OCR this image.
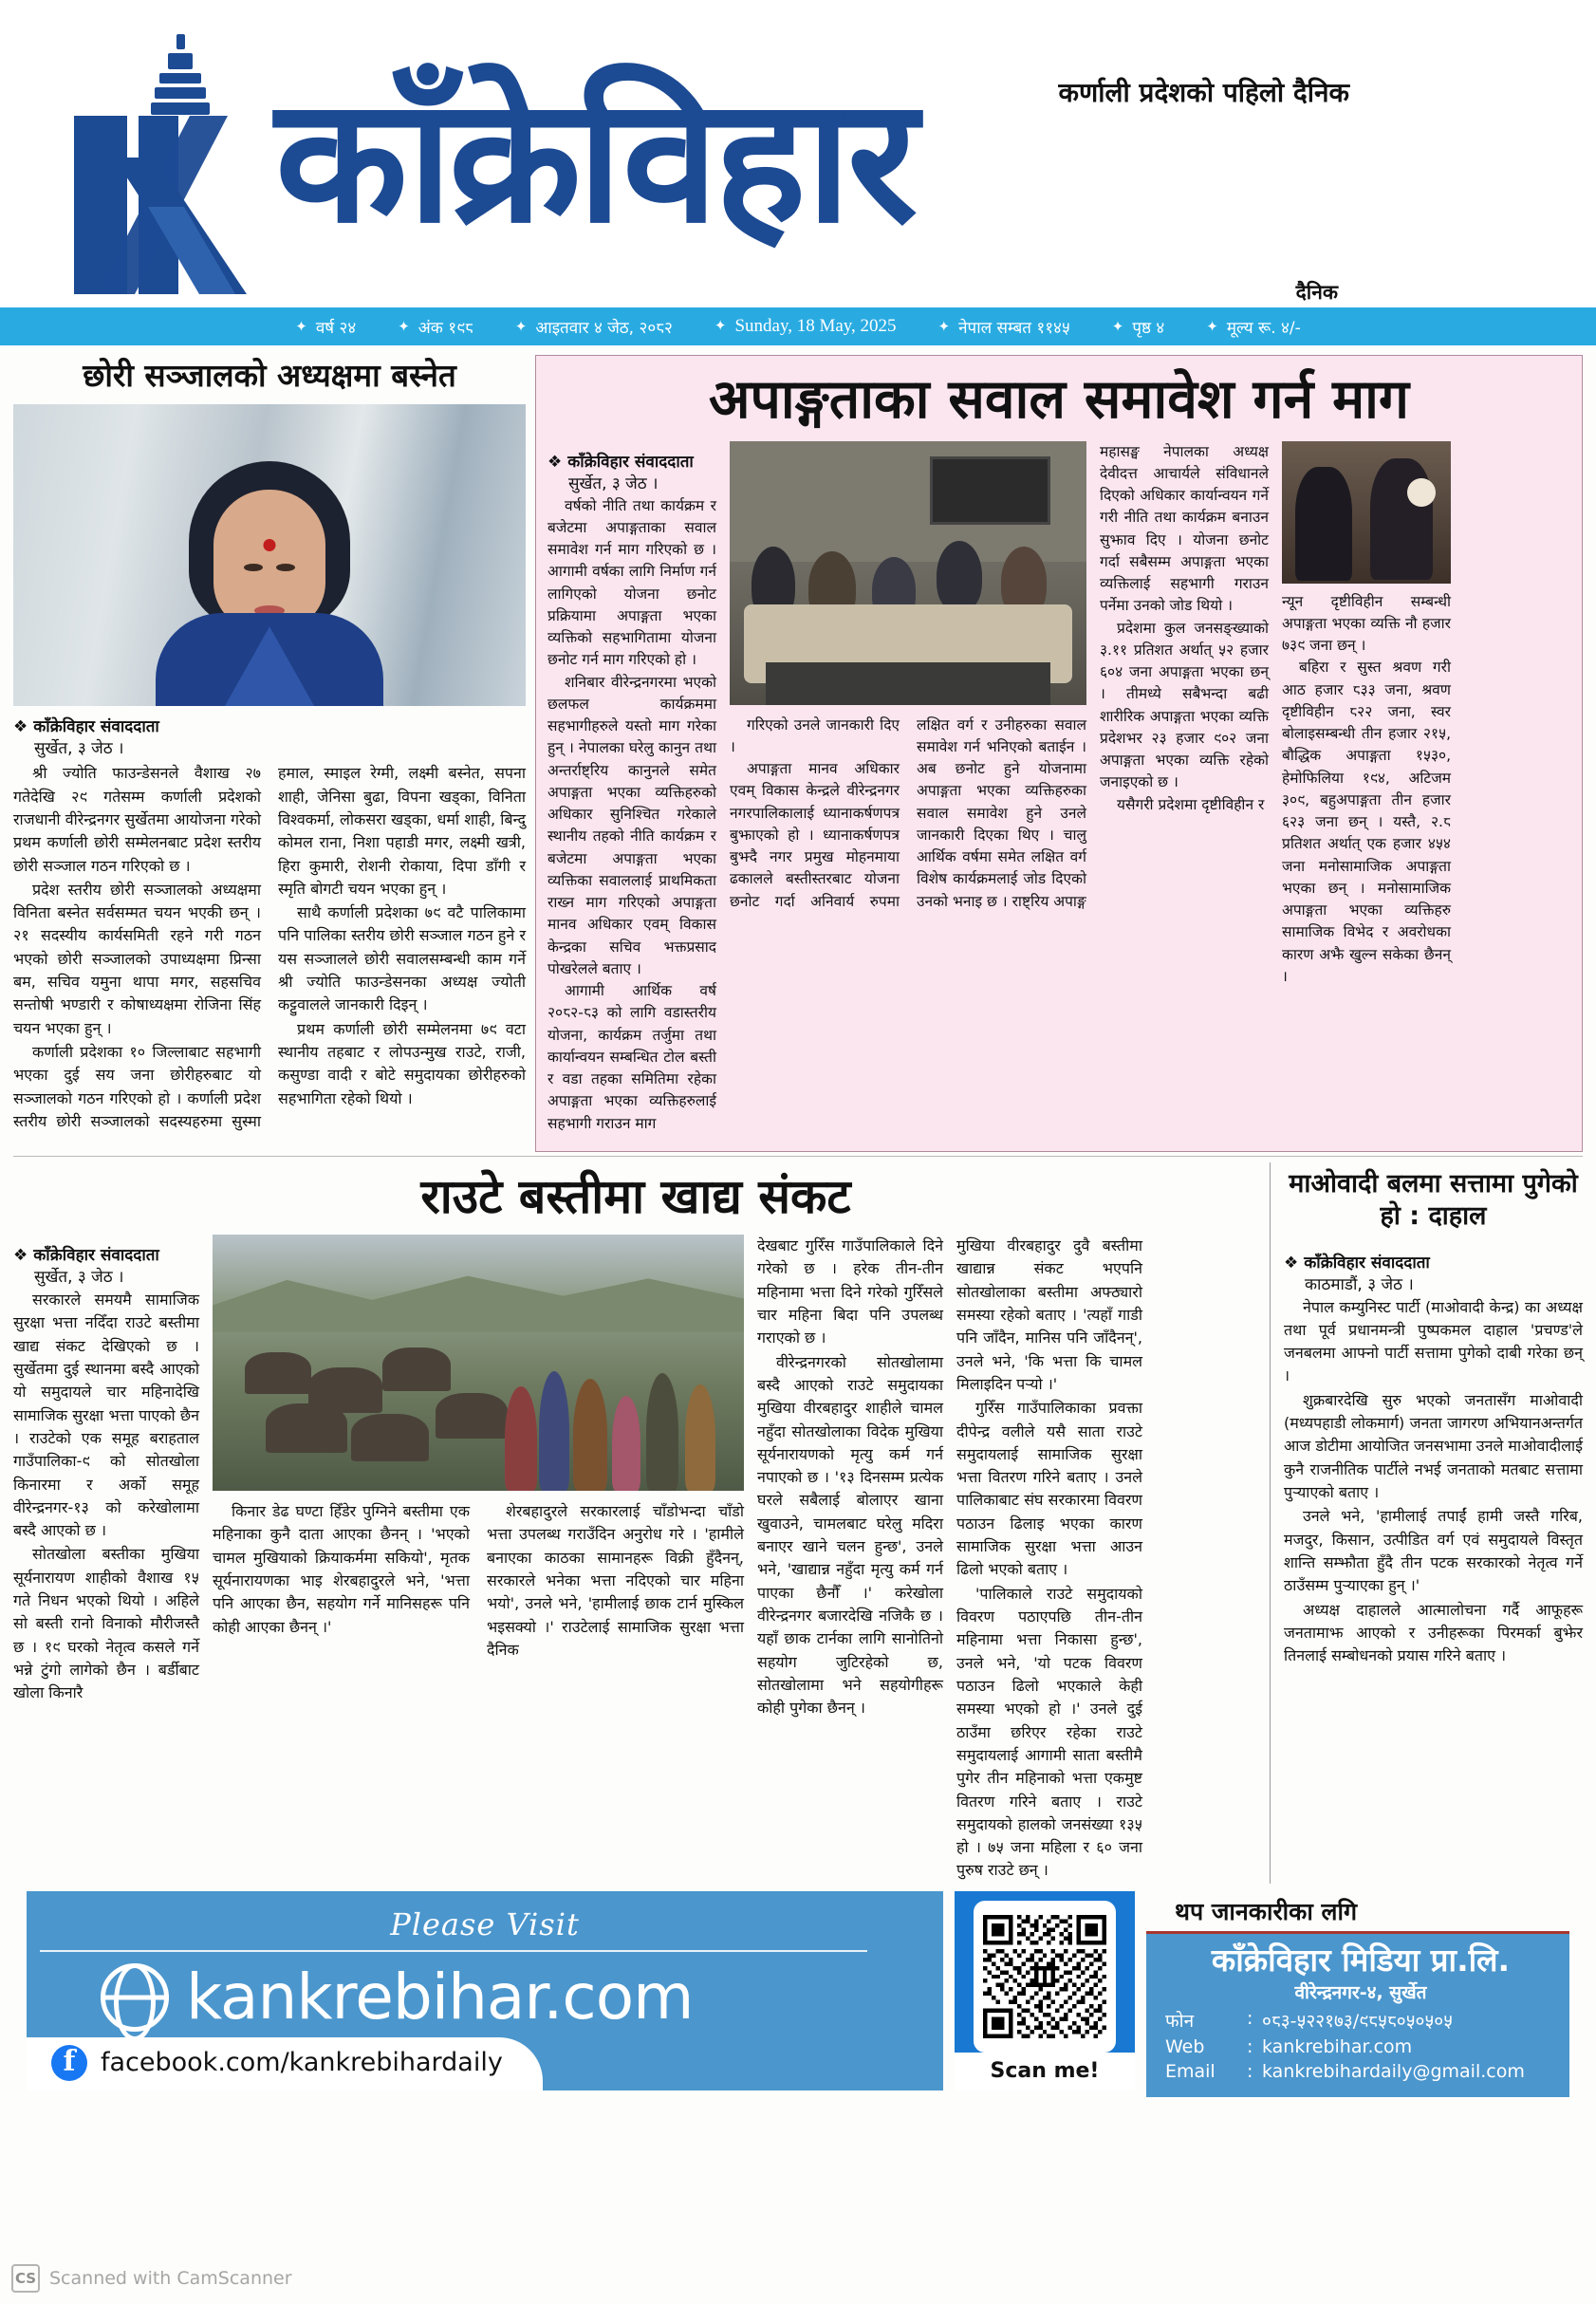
कर्णाली प्रदेशको पहिलो दैनिक
काँक्रेविहार
दैनिक
✦ वर्ष २४	✦ अंक १९८	✦ आइतवार ४ जेठ, २०८२	✦ Sunday, 18 May, 2025	✦ नेपाल सम्बत ११४५	✦ पृष्ठ ४	✦ मूल्य रू. ४/-
छोरी सञ्जालको अध्यक्षमा बस्नेत
❖ काँक्रेविहार संवाददाता
सुर्खेत, ३ जेठ ।

श्री ज्योति फाउन्डेसनले वैशाख २७ गतेदेखि २९ गतेसम्म कर्णाली प्रदेशको राजधानी वीरेन्द्रनगर सुर्खेतमा आयोजना गरेको प्रथम कर्णाली छोरी सम्मेलनबाट प्रदेश स्तरीय छोरी सञ्जाल गठन गरिएको छ ।

प्रदेश स्तरीय छोरी सञ्जालको अध्यक्षमा विनिता बस्नेत सर्वसम्मत चयन भएकी छन् । २१ सदस्यीय कार्यसमिती रहने गरी गठन भएको छोरी सञ्जालको उपाध्यक्षमा प्रिन्सा बम, सचिव यमुना थापा मगर, सहसचिव सन्तोषी भण्डारी र कोषाध्यक्षमा रोजिना सिंह चयन भएका हुन् ।

कर्णाली प्रदेशका १० जिल्लाबाट सहभागी भएका दुई सय जना छोरीहरुबाट यो सञ्जालको गठन गरिएको हो । कर्णाली प्रदेश स्तरीय छोरी सञ्जालको सदस्यहरुमा सुस्मा हमाल, स्माइल रेग्मी, लक्ष्मी बस्नेत, सपना शाही, जेनिसा बुढा, विपना खड्का, विनिता विश्वकर्मा, लोकसरा खड्का, धर्मा शाही, बिन्दु कोमल राना, निशा पहाडी मगर, लक्ष्मी खत्री, हिरा कुमारी, रोशनी रोकाया, दिपा डाँगी र स्मृति बोगटी चयन भएका हुन् ।

साथै कर्णाली प्रदेशका ७९ वटै पालिकामा पनि पालिका स्तरीय छोरी सञ्जाल गठन हुने र यस सञ्जालले छोरी सवालसम्बन्धी काम गर्ने श्री ज्योति फाउन्डेसनका अध्यक्ष ज्योती कट्टुवालले जानकारी दिइन् ।

प्रथम कर्णाली छोरी सम्मेलनमा ७९ वटा स्थानीय तहबाट र लोपउन्मुख राउटे, राजी, कसुण्डा वादी र बोटे समुदायका छोरीहरुको सहभागिता रहेको थियो ।

अपाङ्गताका सवाल समावेश गर्न माग
❖ काँक्रेविहार संवाददाता
सुर्खेत, ३ जेठ ।

वर्षको नीति तथा कार्यक्रम र बजेटमा अपाङ्गताका सवाल समावेश गर्न माग गरिएको छ । आगामी वर्षका लागि निर्माण गर्न लागिएको योजना छनोट प्रक्रियामा अपाङ्गता भएका व्यक्तिको सहभागितामा योजना छनोट गर्न माग गरिएको हो ।

शनिबार वीरेन्द्रनगरमा भएको छलफल कार्यक्रममा सहभागीहरुले यस्तो माग गरेका हुन् । नेपालका घरेलु कानुन तथा अन्तर्राष्ट्रिय कानुनले समेत अपाङ्गता भएका व्यक्तिहरुको अधिकार सुनिश्चित गरेकाले स्थानीय तहको नीति कार्यक्रम र बजेटमा अपाङ्गता भएका व्यक्तिका सवाललाई प्राथमिकता राख्न माग गरिएको अपाङ्गता मानव अधिकार एवम् विकास केन्द्रका सचिव भक्तप्रसाद पोखरेलले बताए ।

आगामी आर्थिक वर्ष २०८२-८३ को लागि वडास्तरीय योजना, कार्यक्रम तर्जुमा तथा कार्यान्वयन सम्बन्धित टोल बस्ती र वडा तहका समितिमा रहेका अपाङ्गता भएका व्यक्तिहरुलाई सहभागी गराउन माग

गरिएको उनले जानकारी दिए ।

अपाङ्गता मानव अधिकार एवम् विकास केन्द्रले वीरेन्द्रनगर नगरपालिकालाई ध्यानाकर्षणपत्र बुझाएको हो । ध्यानाकर्षणपत्र बुझ्दै नगर प्रमुख मोहनमाया ढकालले बस्तीस्तरबाट योजना छनोट गर्दा अनिवार्य रुपमा लक्षित वर्ग र उनीहरुका सवाल समावेश गर्न भनिएको बताईन । अब छनोट हुने योजनामा अपाङ्गता भएका व्यक्तिहरुका सवाल समावेश हुने उनले जानकारी दिएका थिए । चालु आर्थिक वर्षमा समेत लक्षित वर्ग विशेष कार्यक्रमलाई जोड दिएको उनको भनाइ छ । राष्ट्रिय अपाङ्ग

महासङ्घ नेपालका अध्यक्ष देवीदत्त आचार्यले संविधानले दिएको अधिकार कार्यान्वयन गर्ने गरी नीति तथा कार्यक्रम बनाउन सुझाव दिए । योजना छनोट गर्दा सबैसम्म अपाङ्गता भएका व्यक्तिलाई सहभागी गराउन पर्नेमा उनको जोड थियो ।

प्रदेशमा कुल जनसङ्ख्याको ३.११ प्रतिशत अर्थात् ५२ हजार ६०४ जना अपाङ्गता भएका छन् । तीमध्ये सबैभन्दा बढी शारीरिक अपाङ्गता भएका व्यक्ति प्रदेशभर २३ हजार ९०२ जना अपाङ्गता भएका व्यक्ति रहेको जनाइएको छ ।

यसैगरी प्रदेशमा दृष्टीविहीन र

न्यून दृष्टीविहीन सम्बन्धी अपाङ्गता भएका व्यक्ति नौ हजार ७३९ जना छन् ।

बहिरा र सुस्त श्रवण गरी आठ हजार ८३३ जना, श्रवण दृष्टीविहीन ८२२ जना, स्वर बोलाइसम्बन्धी तीन हजार २१५, बौद्धिक अपाङ्गता १५३०, हेमोफिलिया १९४, अटिजम ३०९, बहुअपाङ्गता तीन हजार ६२३ जना छन् । यस्तै, २.८ प्रतिशत अर्थात् एक हजार ४५४ जना मनोसामाजिक अपाङ्गता भएका छन् । मनोसामाजिक अपाङ्गता भएका व्यक्तिहरु सामाजिक विभेद र अवरोधका कारण अझै खुल्न सकेका छैनन् ।

राउटे बस्तीमा खाद्य संकट
❖ काँक्रेविहार संवाददाता
सुर्खेत, ३ जेठ ।

सरकारले समयमै सामाजिक सुरक्षा भत्ता नदिँदा राउटे बस्तीमा खाद्य संकट देखिएको छ । सुर्खेतमा दुई स्थानमा बस्दै आएको यो समुदायले चार महिनादेखि सामाजिक सुरक्षा भत्ता पाएको छैन । राउटेको एक समूह बराहताल गाउँपालिका-९ को सोतखोला किनारमा र अर्को समूह वीरेन्द्रनगर-१३ को करेखोलामा बस्दै आएको छ ।

सोतखोला बस्तीका मुखिया सूर्यनारायण शाहीको वैशाख १५ गते निधन भएको थियो । अहिले सो बस्ती रानो विनाको मौरीजस्तै छ । १९ घरको नेतृत्व कसले गर्ने भन्ने टुंगो लागेको छैन । बर्डीबाट खोला किनारै

किनार डेढ घण्टा हिँडेर पुग्निने बस्तीमा एक महिनाका कुनै दाता आएका छैनन् । 'भएको चामल मुखियाको क्रियाकर्ममा सकियो', मृतक सूर्यनारायणका भाइ शेरबहादुरले भने, 'भत्ता पनि आएका छैन, सहयोग गर्ने मानिसहरू पनि कोही आएका छैनन् ।'

शेरबहादुरले सरकारलाई चाँडोभन्दा चाँडो भत्ता उपलब्ध गराउँदिन अनुरोध गरे । 'हामीले बनाएका काठका सामानहरू विक्री हुँदैनन्, सरकारले भनेका भत्ता नदिएको चार महिना भयो', उनले भने, 'हामीलाई छाक टार्न मुस्किल भइसक्यो ।' राउटेलाई सामाजिक सुरक्षा भत्ता दैनिक

देखबाट गुरिँस गाउँपालिकाले दिने गरेको छ । हरेक तीन-तीन महिनामा भत्ता दिने गरेको गुरिँसले चार महिना बिदा पनि उपलब्ध गराएको छ ।

वीरेन्द्रनगरको सोतखोलामा बस्दै आएको राउटे समुदायका मुखिया वीरबहादुर शाहीले चामल नहुँदा सोतखोलाका विदेक मुखिया सूर्यनारायणको मृत्यु कर्म गर्न नपाएको छ । '१३ दिनसम्म प्रत्येक घरले सबैलाई बोलाएर खाना खुवाउने, चामलबाट घरेलु मदिरा बनाएर खाने चलन हुन्छ', उनले भने, 'खाद्यान्न नहुँदा मृत्यु कर्म गर्न पाएका छैनौँ ।' करेखोला वीरेन्द्रनगर बजारदेखि नजिकै छ । यहाँ छाक टार्नका लागि सानोतिनो सहयोग जुटिरहेको छ, सोतखोलामा भने सहयोगीहरू कोही पुगेका छैनन् ।

मुखिया वीरबहादुर दुवै बस्तीमा खाद्यान्न संकट भएपनि सोतखोलाका बस्तीमा अफ्ठ्यारो समस्या रहेको बताए । 'त्यहाँ गाडी पनि जाँदैन, मानिस पनि जाँदैनन्', उनले भने, 'कि भत्ता कि चामल मिलाइदिन पऱ्यो ।'

गुरिँस गाउँपालिकाका प्रवक्ता दीपेन्द्र वलीले यसै साता राउटे समुदायलाई सामाजिक सुरक्षा भत्ता वितरण गरिने बताए । उनले पालिकाबाट संघ सरकारमा विवरण पठाउन ढिलाइ भएका कारण सामाजिक सुरक्षा भत्ता आउन ढिलो भएको बताए ।

'पालिकाले राउटे समुदायको विवरण पठाएपछि तीन-तीन महिनामा भत्ता निकासा हुन्छ', उनले भने, 'यो पटक विवरण पठाउन ढिलो भएकाले केही समस्या भएको हो ।' उनले दुई ठाउँमा छरिएर रहेका राउटे समुदायलाई आगामी साता बस्तीमै पुगेर तीन महिनाको भत्ता एकमुष्ट वितरण गरिने बताए । राउटे समुदायको हालको जनसंख्या १३५ हो । ७५ जना महिला र ६० जना पुरुष राउटे छन् ।

माओवादी बलमा सत्तामा पुगेको हो : दाहाल
❖ काँक्रेविहार संवाददाता
काठमाडौं, ३ जेठ ।

नेपाल कम्युनिस्ट पार्टी (माओवादी केन्द्र) का अध्यक्ष तथा पूर्व प्रधानमन्त्री पुष्पकमल दाहाल 'प्रचण्ड'ले जनबलमा आफ्नो पार्टी सत्तामा पुगेको दाबी गरेका छन् ।

शुक्रबारदेखि सुरु भएको जनतासँग माओवादी (मध्यपहाडी लोकमार्ग) जनता जागरण अभियानअन्तर्गत आज डोटीमा आयोजित जनसभामा उनले माओवादीलाई कुनै राजनीतिक पार्टीले नभई जनताको मतबाट सत्तामा पुऱ्याएको बताए ।

उनले भने, 'हामीलाई तपाईं हामी जस्तै गरिब, मजदुर, किसान, उत्पीडित वर्ग एवं समुदायले विस्तृत शान्ति सम्झौता हुँदै तीन पटक सरकारको नेतृत्व गर्ने ठाउँसम्म पुऱ्याएका हुन् ।'

अध्यक्ष दाहालले आत्मालोचना गर्दै आफूहरू जनतामाझ आएको र उनीहरूका पिरमर्का बुझेर तिनलाई सम्बोधनको प्रयास गरिने बताए ।

Please Visit
kankrebihar.com
f facebook.com/kankrebihardaily	Scan me!
थप जानकारीका लगि
काँक्रेविहार मिडिया प्रा.लि.
वीरेन्द्रनगर-४, सुर्खेत
फोन	: ०८३-५२२१७३/९८५८०५०५०५
Web	: kankrebihar.com
Email	: kankrebihardaily@gmail.com
CS Scanned with CamScanner
